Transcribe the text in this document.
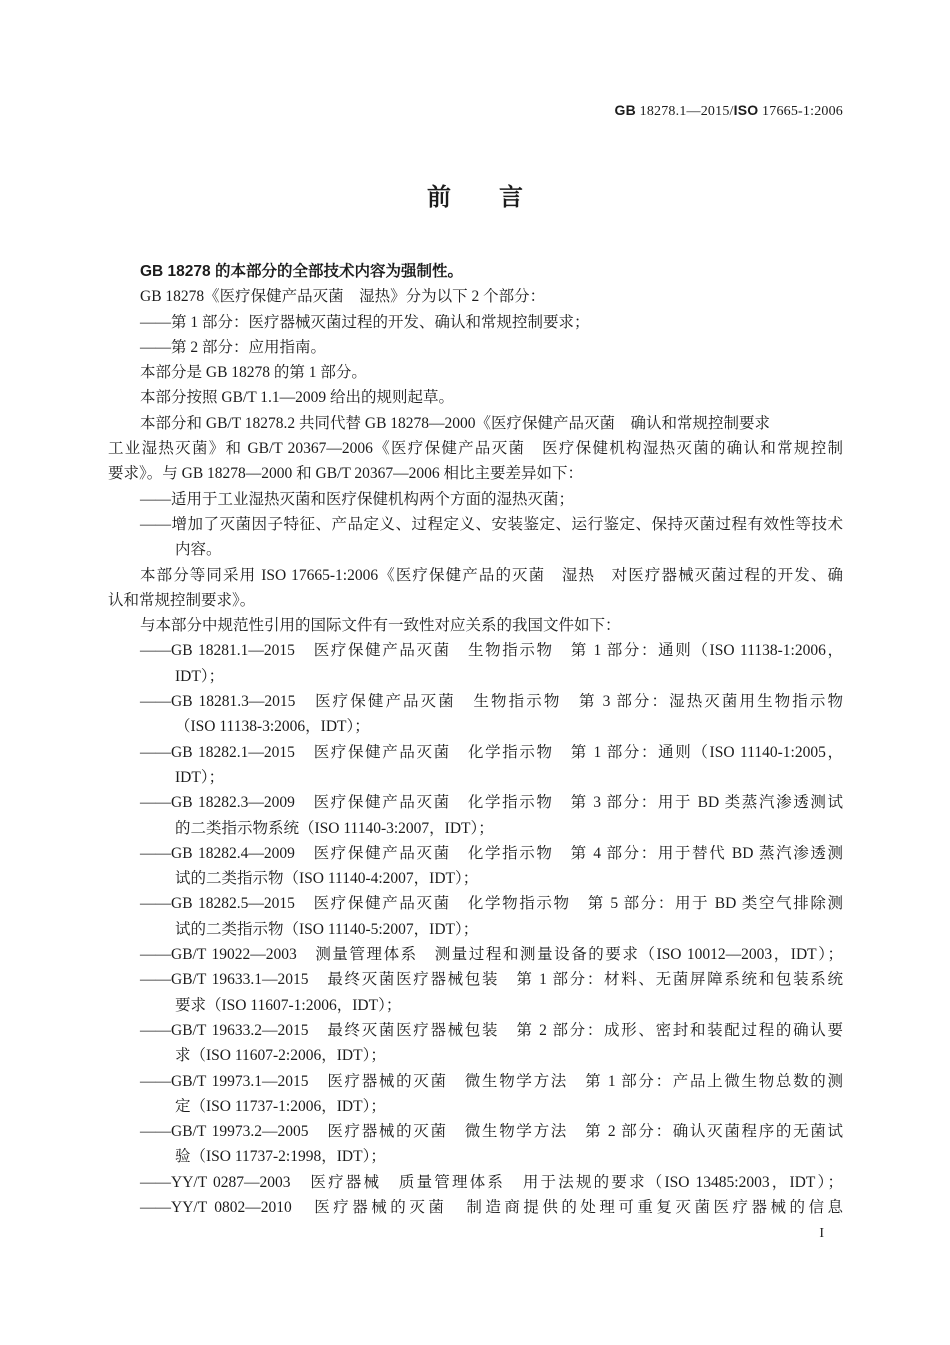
GB 18278.1—2015/ISO 17665-1:2006
前　　言
GB 18278 的本部分的全部技术内容为强制性。
GB 18278《医疗保健产品灭菌　湿热》分为以下 2 个部分：
——第 1 部分：医疗器械灭菌过程的开发、确认和常规控制要求；
——第 2 部分：应用指南。
本部分是 GB 18278 的第 1 部分。
本部分按照 GB/T 1.1—2009 给出的规则起草。
本部分和 GB/T 18278.2 共同代替 GB 18278—2000《医疗保健产品灭菌　确认和常规控制要求
工业湿热灭菌》和 GB/T 20367—2006《医疗保健产品灭菌　医疗保健机构湿热灭菌的确认和常规控制
要求》。与 GB 18278—2000 和 GB/T 20367—2006 相比主要差异如下：
——适用于工业湿热灭菌和医疗保健机构两个方面的湿热灭菌；
——增加了灭菌因子特征、产品定义、过程定义、安装鉴定、运行鉴定、保持灭菌过程有效性等技术
内容。
本部分等同采用 ISO 17665-1:2006《医疗保健产品的灭菌　湿热　对医疗器械灭菌过程的开发、确
认和常规控制要求》。
与本部分中规范性引用的国际文件有一致性对应关系的我国文件如下：
——GB 18281.1—2015　医疗保健产品灭菌　生物指示物　第 1 部分：通则（ISO 11138-1:2006，
IDT）；
——GB 18281.3—2015　医疗保健产品灭菌　生物指示物　第 3 部分：湿热灭菌用生物指示物
（ISO 11138-3:2006，IDT）；
——GB 18282.1—2015　医疗保健产品灭菌　化学指示物　第 1 部分：通则（ISO 11140-1:2005，
IDT）；
——GB 18282.3—2009　医疗保健产品灭菌　化学指示物　第 3 部分：用于 BD 类蒸汽渗透测试
的二类指示物系统（ISO 11140-3:2007，IDT）；
——GB 18282.4—2009　医疗保健产品灭菌　化学指示物　第 4 部分：用于替代 BD 蒸汽渗透测
试的二类指示物（ISO 11140-4:2007，IDT）；
——GB 18282.5—2015　医疗保健产品灭菌　化学物指示物　第 5 部分：用于 BD 类空气排除测
试的二类指示物（ISO 11140-5:2007，IDT）；
——GB/T 19022—2003　测量管理体系　测量过程和测量设备的要求（ISO 10012—2003，IDT）；
——GB/T 19633.1—2015　最终灭菌医疗器械包装　第 1 部分：材料、无菌屏障系统和包装系统
要求（ISO 11607-1:2006，IDT）；
——GB/T 19633.2—2015　最终灭菌医疗器械包装　第 2 部分：成形、密封和装配过程的确认要
求（ISO 11607-2:2006，IDT）；
——GB/T 19973.1—2015　医疗器械的灭菌　微生物学方法　第 1 部分：产品上微生物总数的测
定（ISO 11737-1:2006，IDT）；
——GB/T 19973.2—2005　医疗器械的灭菌　微生物学方法　第 2 部分：确认灭菌程序的无菌试
验（ISO 11737-2:1998，IDT）；
——YY/T 0287—2003　医疗器械　质量管理体系　用于法规的要求（ISO 13485:2003，IDT）；
——YY/T 0802—2010　医疗器械的灭菌　制造商提供的处理可重复灭菌医疗器械的信息
I
